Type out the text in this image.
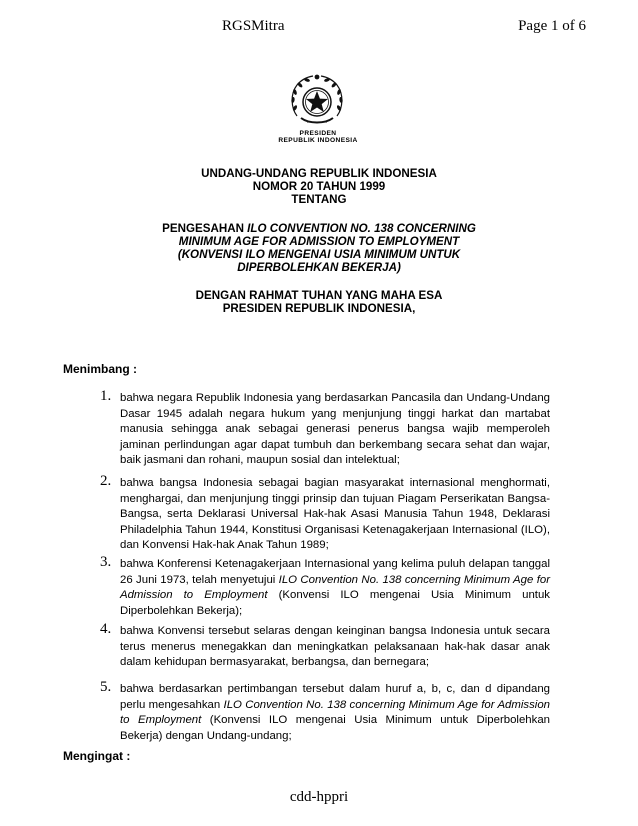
RGSMitra	Page 1 of 6
PRESIDEN
REPUBLIK INDONESIA
UNDANG-UNDANG REPUBLIK INDONESIA
NOMOR 20 TAHUN 1999
TENTANG
PENGESAHAN ILO CONVENTION NO. 138 CONCERNING
MINIMUM AGE FOR ADMISSION TO EMPLOYMENT
(KONVENSI ILO MENGENAI USIA MINIMUM UNTUK
DIPERBOLEHKAN BEKERJA)
DENGAN RAHMAT TUHAN YANG MAHA ESA
PRESIDEN REPUBLIK INDONESIA,
Menimbang :
1. bahwa negara Republik Indonesia yang berdasarkan Pancasila dan Undang-Undang Dasar 1945 adalah negara hukum yang menjunjung tinggi harkat dan martabat manusia sehingga anak sebagai generasi penerus bangsa wajib memperoleh jaminan perlindungan agar dapat tumbuh dan berkembang secara sehat dan wajar, baik jasmani dan rohani, maupun sosial dan intelektual;
2. bahwa bangsa Indonesia sebagai bagian masyarakat internasional menghormati, menghargai, dan menjunjung tinggi prinsip dan tujuan Piagam Perserikatan Bangsa-Bangsa, serta Deklarasi Universal Hak-hak Asasi Manusia Tahun 1948, Deklarasi Philadelphia Tahun 1944, Konstitusi Organisasi Ketenagakerjaan Internasional (ILO), dan Konvensi Hak-hak Anak Tahun 1989;
3. bahwa Konferensi Ketenagakerjaan Internasional yang kelima puluh delapan tanggal 26 Juni 1973, telah menyetujui ILO Convention No. 138 concerning Minimum Age for Admission to Employment (Konvensi ILO mengenai Usia Minimum untuk Diperbolehkan Bekerja);
4. bahwa Konvensi tersebut selaras dengan keinginan bangsa Indonesia untuk secara terus menerus menegakkan dan meningkatkan pelaksanaan hak-hak dasar anak dalam kehidupan bermasyarakat, berbangsa, dan bernegara;
5. bahwa berdasarkan pertimbangan tersebut dalam huruf a, b, c, dan d dipandang perlu mengesahkan ILO Convention No. 138 concerning Minimum Age for Admission to Employment (Konvensi ILO mengenai Usia Minimum untuk Diperbolehkan Bekerja) dengan Undang-undang;
Mengingat :
cdd-hppri
